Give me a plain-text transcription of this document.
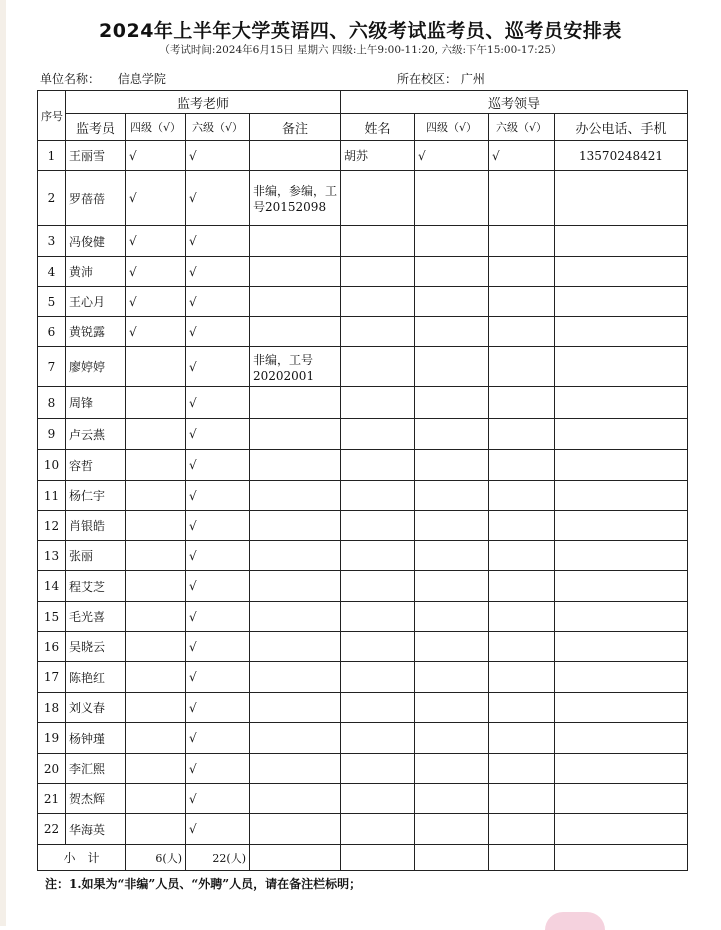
2024年上半年大学英语四、六级考试监考员、巡考员安排表
（考试时间:2024年6月15日 星期六 四级:上午9:00-11:20, 六级:下午15:00-17:25）
单位名称： 信息学院	所在校区： 广州
序号	监考老师				巡考领导			
	监考员	四级（√）	六级（√）	备注	姓名	四级（√）	六级（√）	办公电话、手机
1	王丽雪	√	√		胡苏	√	√	13570248421
2	罗蓓蓓	√	√	非编，参编，工号20152098				
3	冯俊健	√	√					
4	黄沛	√	√					
5	王心月	√	√					
6	黄锐露	√	√					
7	廖婷婷		√	非编，工号20202001				
8	周锋		√					
9	卢云燕		√					
10	容哲		√					
11	杨仁宇		√					
12	肖银皓		√					
13	张丽		√					
14	程艾芝		√					
15	毛光喜		√					
16	吴晓云		√					
17	陈艳红		√					
18	刘义春		√					
19	杨钟瑾		√					
20	李汇熙		√					
21	贺杰辉		√					
22	华海英		√					
小　计		6(人)	22(人)					
注：1.如果为“非编”人员、“外聘”人员，请在备注栏标明；
